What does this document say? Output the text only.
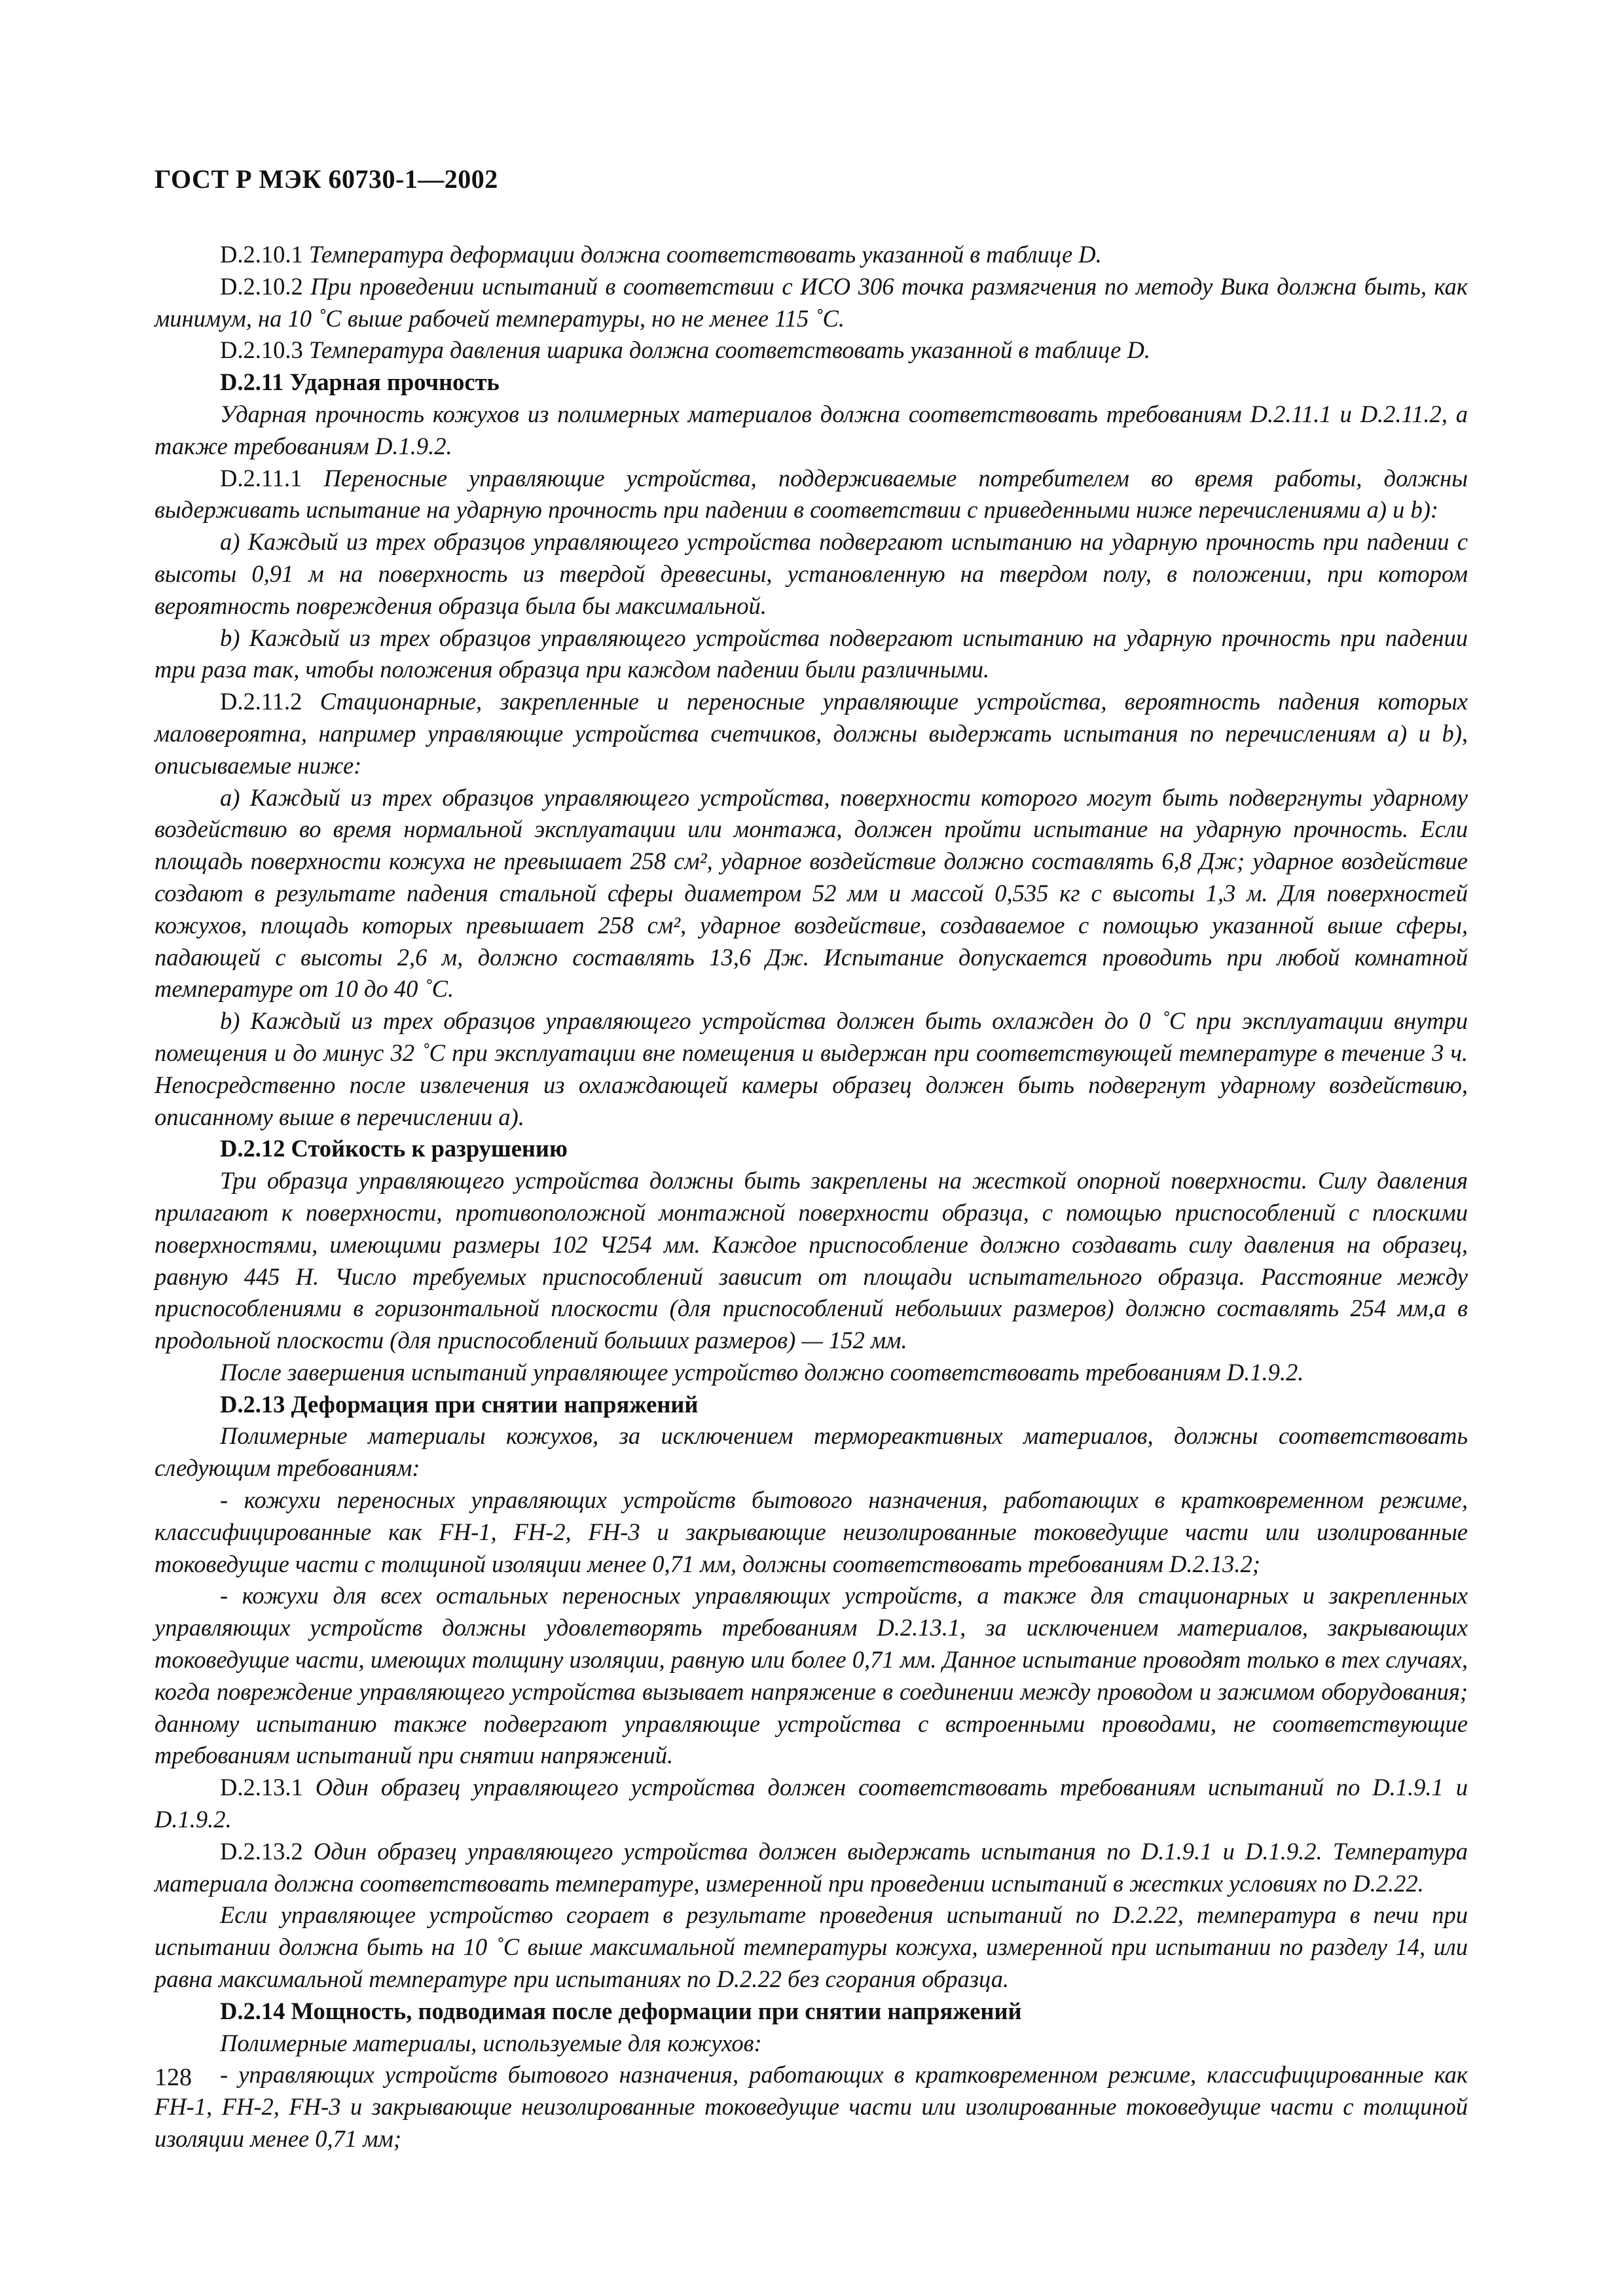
ГОСТ Р МЭК 60730-1—2002

D.2.10.1 Температура деформации должна соответствовать указанной в таблице D.

D.2.10.2 При проведении испытаний в соответствии с ИСО 306 точка размягчения по методу Вика должна быть, как минимум, на 10 ˚С выше рабочей температуры, но не менее 115 ˚С.

D.2.10.3 Температура давления шарика должна соответствовать указанной в таблице D.

D.2.11 Ударная прочность

Ударная прочность кожухов из полимерных материалов должна соответствовать требованиям D.2.11.1 и D.2.11.2, а также требованиям D.1.9.2.

D.2.11.1 Переносные управляющие устройства, поддерживаемые потребителем во время работы, должны выдерживать испытание на ударную прочность при падении в соответствии с приведенными ниже перечислениями a) и b):

a) Каждый из трех образцов управляющего устройства подвергают испытанию на ударную прочность при падении с высоты 0,91 м на поверхность из твердой древесины, установленную на твердом полу, в положении, при котором вероятность повреждения образца была бы максимальной.

b) Каждый из трех образцов управляющего устройства подвергают испытанию на ударную прочность при падении три раза так, чтобы положения образца при каждом падении были различными.

D.2.11.2 Стационарные, закрепленные и переносные управляющие устройства, вероятность падения которых маловероятна, например управляющие устройства счетчиков, должны выдержать испытания по перечислениям a) и b), описываемые ниже:

a) Каждый из трех образцов управляющего устройства, поверхности которого могут быть подвергнуты ударному воздействию во время нормальной эксплуатации или монтажа, должен пройти испытание на ударную прочность. Если площадь поверхности кожуха не превышает 258 см², ударное воздействие должно составлять 6,8 Дж; ударное воздействие создают в результате падения стальной сферы диаметром 52 мм и массой 0,535 кг с высоты 1,3 м. Для поверхностей кожухов, площадь которых превышает 258 см², ударное воздействие, создаваемое с помощью указанной выше сферы, падающей с высоты 2,6 м, должно составлять 13,6 Дж. Испытание допускается проводить при любой комнатной температуре от 10 до 40 ˚С.

b) Каждый из трех образцов управляющего устройства должен быть охлажден до 0 ˚С при эксплуатации внутри помещения и до минус 32 ˚С при эксплуатации вне помещения и выдержан при соответствующей температуре в течение 3 ч. Непосредственно после извлечения из охлаждающей камеры образец должен быть подвергнут ударному воздействию, описанному выше в перечислении a).

D.2.12 Стойкость к разрушению

Три образца управляющего устройства должны быть закреплены на жесткой опорной поверхности. Силу давления прилагают к поверхности, противоположной монтажной поверхности образца, с помощью приспособлений с плоскими поверхностями, имеющими размеры 102 Ч254 мм. Каждое приспособление должно создавать силу давления на образец, равную 445 Н. Число требуемых приспособлений зависит от площади испытательного образца. Расстояние между приспособлениями в горизонтальной плоскости (для приспособлений небольших размеров) должно составлять 254 мм,а в продольной плоскости (для приспособлений больших размеров) — 152 мм.

После завершения испытаний управляющее устройство должно соответствовать требованиям D.1.9.2.

D.2.13 Деформация при снятии напряжений

Полимерные материалы кожухов, за исключением термореактивных материалов, должны соответствовать следующим требованиям:

- кожухи переносных управляющих устройств бытового назначения, работающих в кратковременном режиме, классифицированные как FH-1, FH-2, FH-3 и закрывающие неизолированные токоведущие части или изолированные токоведущие части с толщиной изоляции менее 0,71 мм, должны соответствовать требованиям D.2.13.2;

- кожухи для всех остальных переносных управляющих устройств, а также для стационарных и закрепленных управляющих устройств должны удовлетворять требованиям D.2.13.1, за исключением материалов, закрывающих токоведущие части, имеющих толщину изоляции, равную или более 0,71 мм. Данное испытание проводят только в тех случаях, когда повреждение управляющего устройства вызывает напряжение в соединении между проводом и зажимом оборудования; данному испытанию также подвергают управляющие устройства с встроенными проводами, не соответствующие требованиям испытаний при снятии напряжений.

D.2.13.1 Один образец управляющего устройства должен соответствовать требованиям испытаний по D.1.9.1 и D.1.9.2.

D.2.13.2 Один образец управляющего устройства должен выдержать испытания по D.1.9.1 и D.1.9.2. Температура материала должна соответствовать температуре, измеренной при проведении испытаний в жестких условиях по D.2.22.

Если управляющее устройство сгорает в результате проведения испытаний по D.2.22, температура в печи при испытании должна быть на 10 ˚С выше максимальной температуры кожуха, измеренной при испытании по разделу 14, или равна максимальной температуре при испытаниях по D.2.22 без сгорания образца.

D.2.14 Мощность, подводимая после деформации при снятии напряжений

Полимерные материалы, используемые для кожухов:

- управляющих устройств бытового назначения, работающих в кратковременном режиме, классифицированные как FH-1, FH-2, FH-3 и закрывающие неизолированные токоведущие части или изолированные токоведущие части с толщиной изоляции менее 0,71 мм;

128
